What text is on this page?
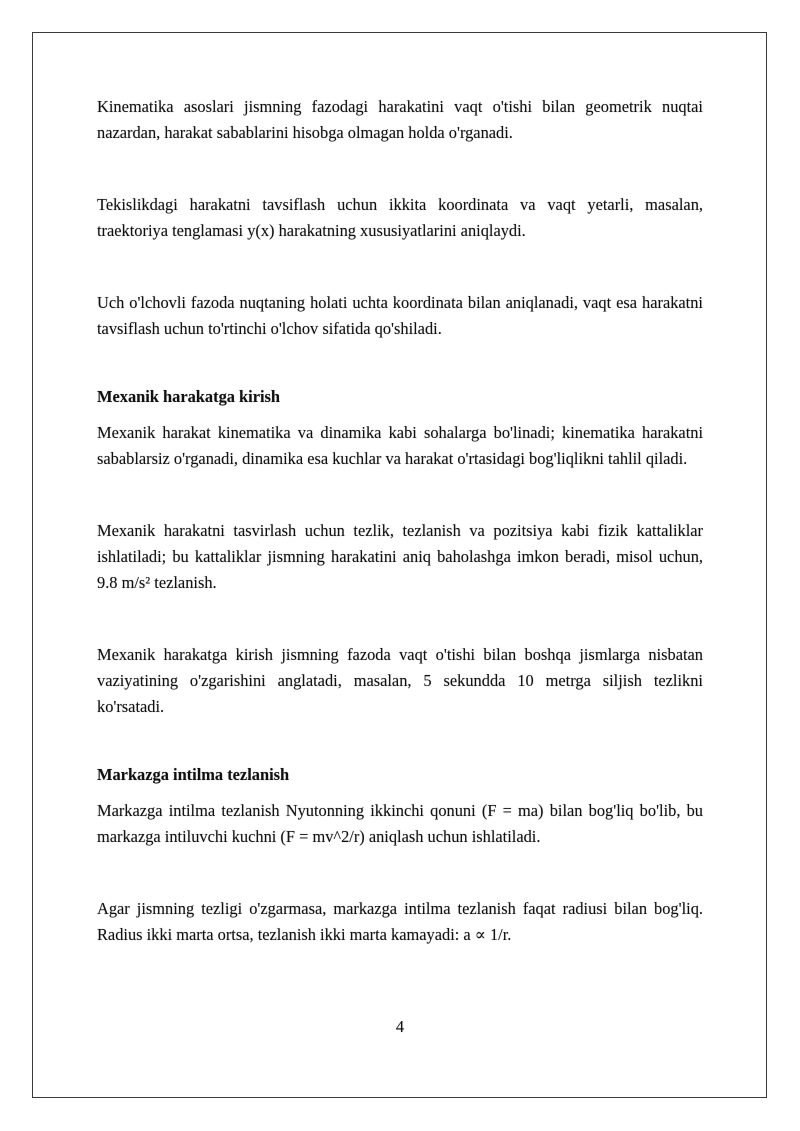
Kinematika asoslari jismning fazodagi harakatini vaqt o'tishi bilan geometrik nuqtai nazardan, harakat sabablarini hisobga olmagan holda o'rganadi.

Tekislikdagi harakatni tavsiflash uchun ikkita koordinata va vaqt yetarli, masalan, traektoriya tenglamasi y(x) harakatning xususiyatlarini aniqlaydi.

Uch o'lchovli fazoda nuqtaning holati uchta koordinata bilan aniqlanadi, vaqt esa harakatni tavsiflash uchun to'rtinchi o'lchov sifatida qo'shiladi.

Mexanik harakatga kirish

Mexanik harakat kinematika va dinamika kabi sohalarga bo'linadi; kinematika harakatni sabablarsiz o'rganadi, dinamika esa kuchlar va harakat o'rtasidagi bog'liqlikni tahlil qiladi.

Mexanik harakatni tasvirlash uchun tezlik, tezlanish va pozitsiya kabi fizik kattaliklar ishlatiladi; bu kattaliklar jismning harakatini aniq baholashga imkon beradi, misol uchun, 9.8 m/s² tezlanish.

Mexanik harakatga kirish jismning fazoda vaqt o'tishi bilan boshqa jismlarga nisbatan vaziyatining o'zgarishini anglatadi, masalan, 5 sekundda 10 metrga siljish tezlikni ko'rsatadi.

Markazga intilma tezlanish

Markazga intilma tezlanish Nyutonning ikkinchi qonuni (F = ma) bilan bog'liq bo'lib, bu markazga intiluvchi kuchni (F = mv^2/r) aniqlash uchun ishlatiladi.

Agar jismning tezligi o'zgarmasa, markazga intilma tezlanish faqat radiusi bilan bog'liq. Radius ikki marta ortsa, tezlanish ikki marta kamayadi: a ∝ 1/r.

4
